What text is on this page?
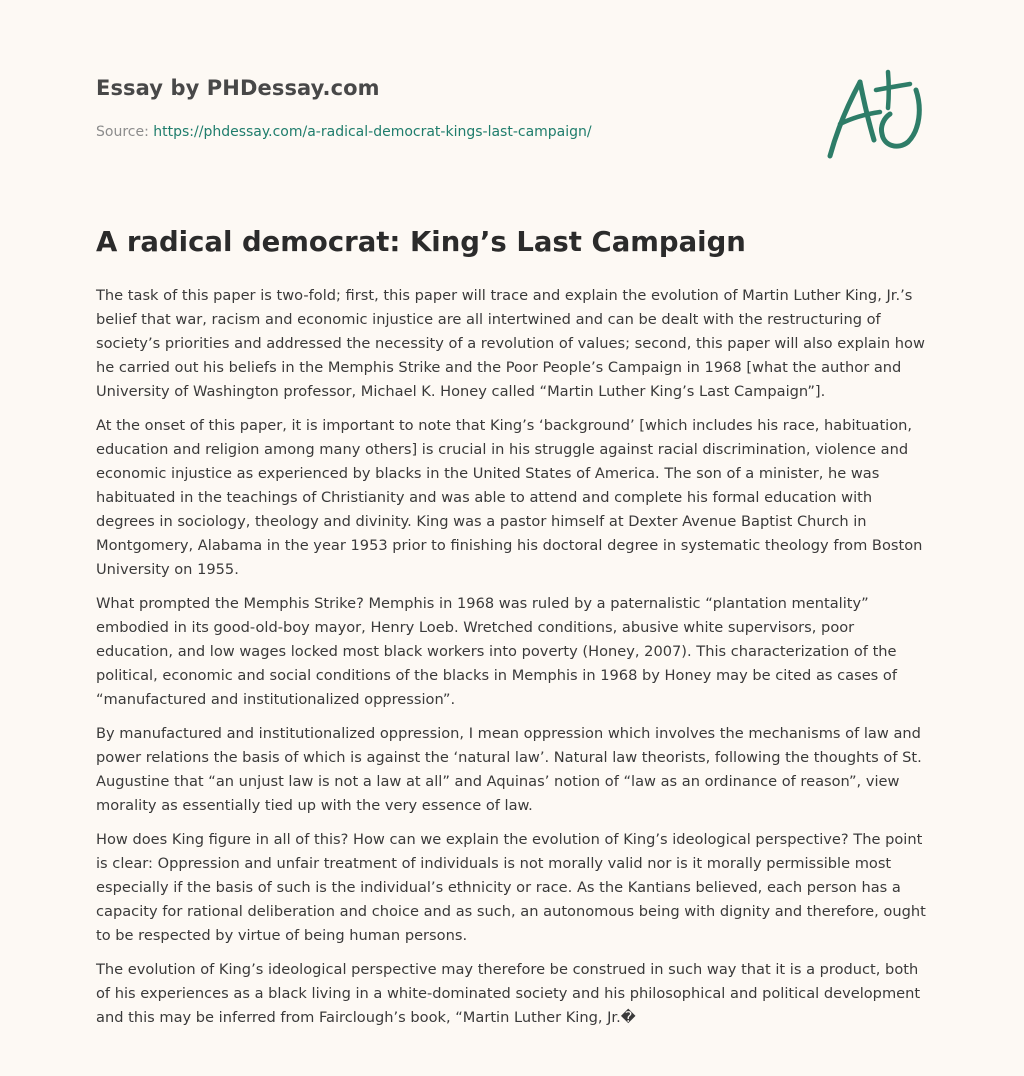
Essay by PHDessay.com
Source: https://phdessay.com/a-radical-democrat-kings-last-campaign/
A radical democrat: King’s Last Campaign

The task of this paper is two-fold; first, this paper will trace and explain the evolution of Martin Luther King, Jr.’s belief that war, racism and economic injustice are all intertwined and can be dealt with the restructuring of society’s priorities and addressed the necessity of a revolution of values; second, this paper will also explain how he carried out his beliefs in the Memphis Strike and the Poor People’s Campaign in 1968 [what the author and University of Washington professor, Michael K. Honey called “Martin Luther King’s Last Campaign”].

At the onset of this paper, it is important to note that King’s ‘background’ [which includes his race, habituation, education and religion among many others] is crucial in his struggle against racial discrimination, violence and economic injustice as experienced by blacks in the United States of America. The son of a minister, he was habituated in the teachings of Christianity and was able to attend and complete his formal education with degrees in sociology, theology and divinity. King was a pastor himself at Dexter Avenue Baptist Church in Montgomery, Alabama in the year 1953 prior to finishing his doctoral degree in systematic theology from Boston University on 1955.

What prompted the Memphis Strike? Memphis in 1968 was ruled by a paternalistic “plantation mentality” embodied in its good-old-boy mayor, Henry Loeb. Wretched conditions, abusive white supervisors, poor education, and low wages locked most black workers into poverty (Honey, 2007). This characterization of the political, economic and social conditions of the blacks in Memphis in 1968 by Honey may be cited as cases of “manufactured and institutionalized oppression”.

By manufactured and institutionalized oppression, I mean oppression which involves the mechanisms of law and power relations the basis of which is against the ‘natural law’. Natural law theorists, following the thoughts of St. Augustine that “an unjust law is not a law at all” and Aquinas’ notion of “law as an ordinance of reason”, view morality as essentially tied up with the very essence of law.

How does King figure in all of this? How can we explain the evolution of King’s ideological perspective? The point is clear: Oppression and unfair treatment of individuals is not morally valid nor is it morally permissible most especially if the basis of such is the individual’s ethnicity or race. As the Kantians believed, each person has a capacity for rational deliberation and choice and as such, an autonomous being with dignity and therefore, ought to be respected by virtue of being human persons.

The evolution of King’s ideological perspective may therefore be construed in such way that it is a product, both of his experiences as a black living in a white-dominated society and his philosophical and political development and this may be inferred from Fairclough’s book, “Martin Luther King, Jr.�
